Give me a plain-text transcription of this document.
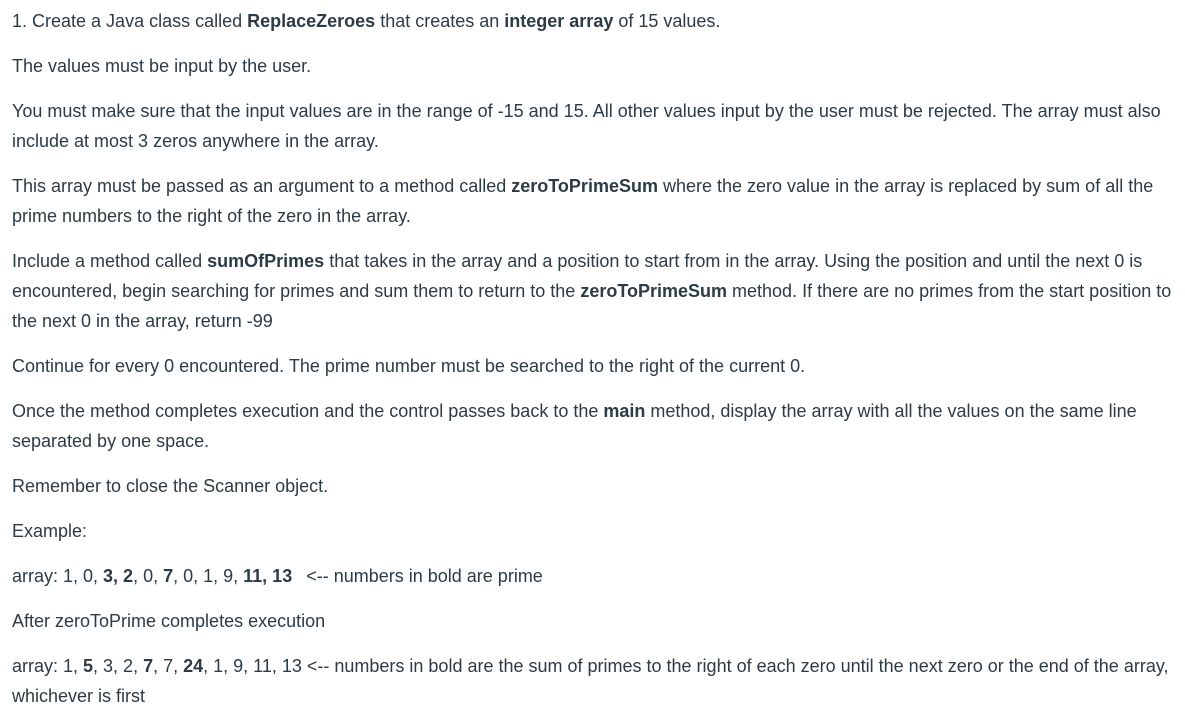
1. Create a Java class called ReplaceZeroes that creates an integer array of 15 values.

The values must be input by the user.

You must make sure that the input values are in the range of -15 and 15. All other values input by the user must be rejected. The array must also include at most 3 zeros anywhere in the array.

This array must be passed as an argument to a method called zeroToPrimeSum where the zero value in the array is replaced by sum of all the prime numbers to the right of the zero in the array.

Include a method called sumOfPrimes that takes in the array and a position to start from in the array. Using the position and until the next 0 is encountered, begin searching for primes and sum them to return to the zeroToPrimeSum method. If there are no primes from the start position to the next 0 in the array, return -99

Continue for every 0 encountered. The prime number must be searched to the right of the current 0.

Once the method completes execution and the control passes back to the main method, display the array with all the values on the same line separated by one space.

Remember to close the Scanner object.

Example:

array: 1, 0, 3, 2, 0, 7, 0, 1, 9, 11, 13 <-- numbers in bold are prime

After zeroToPrime completes execution

array: 1, 5, 3, 2, 7, 7, 24, 1, 9, 11, 13 <-- numbers in bold are the sum of primes to the right of each zero until the next zero or the end of the array, whichever is first
